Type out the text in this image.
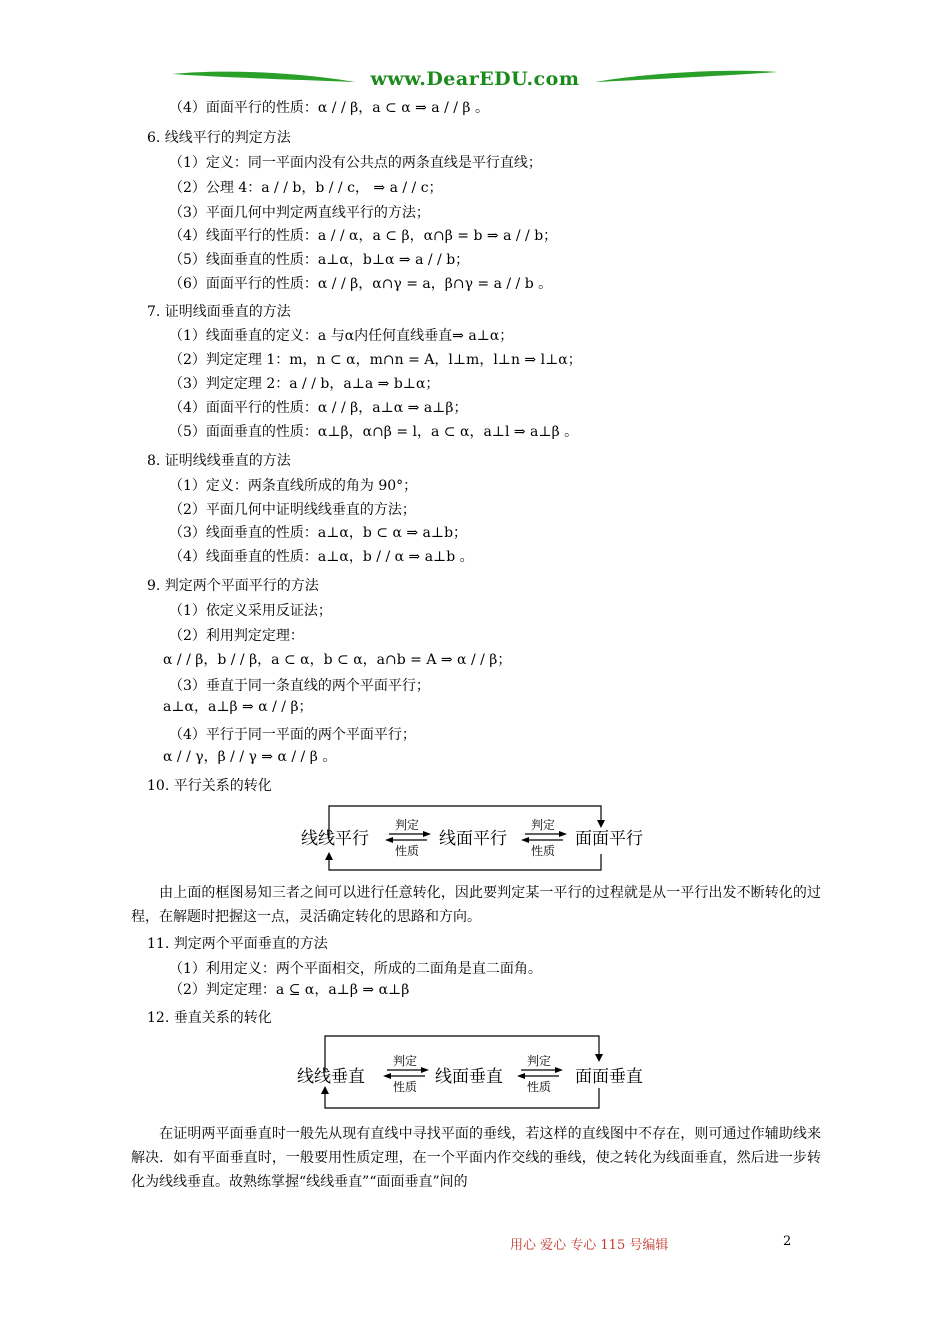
www.DearEDU.com
线线平行	线面平行	面面平行
判定
性质
判定
性质
　　由上面的框图易知三者之间可以进行任意转化，因此要判定某一平行的过程就是从一平行出发不断转化的过程，在解题时把握这一点，灵活确定转化的思路和方向。
线线垂直	线面垂直	面面垂直
判定
性质
判定
性质
　　在证明两平面垂直时一般先从现有直线中寻找平面的垂线，若这样的直线图中不存在，则可通过作辅助线来解决．如有平面垂直时，一般要用性质定理，在一个平面内作交线的垂线，使之转化为线面垂直，然后进一步转化为线线垂直。故熟练掌握“线线垂直”“面面垂直”间的
（4）面面平行的性质：α / / β，a ⊂ α ⇒ a / / β 。
6. 线线平行的判定方法
（1）定义：同一平面内没有公共点的两条直线是平行直线；
（2）公理 4：a / / b，b / / c， ⇒ a / / c；
（3）平面几何中判定两直线平行的方法；
（4）线面平行的性质：a / / α，a ⊂ β，α∩β = b ⇒ a / / b；
（5）线面垂直的性质：a⊥α，b⊥α ⇒ a / / b；
（6）面面平行的性质：α / / β，α∩γ = a，β∩γ = a / / b 。
7. 证明线面垂直的方法
（1）线面垂直的定义：a 与α内任何直线垂直⇒ a⊥α；
（2）判定定理 1：m，n ⊂ α，m∩n = A，l⊥m，l⊥n ⇒ l⊥α；
（3）判定定理 2：a / / b，a⊥a ⇒ b⊥α；
（4）面面平行的性质：α / / β，a⊥α ⇒ a⊥β；
（5）面面垂直的性质：α⊥β，α∩β = l，a ⊂ α，a⊥l ⇒ a⊥β 。
8. 证明线线垂直的方法
（1）定义：两条直线所成的角为 90°；
（2）平面几何中证明线线垂直的方法；
（3）线面垂直的性质：a⊥α，b ⊂ α ⇒ a⊥b；
（4）线面垂直的性质：a⊥α，b / / α ⇒ a⊥b 。
9. 判定两个平面平行的方法
（1）依定义采用反证法；
（2）利用判定定理：
α / / β，b / / β，a ⊂ α，b ⊂ α，a∩b = A ⇒ α / / β；
（3）垂直于同一条直线的两个平面平行；
a⊥α，a⊥β ⇒ α / / β；
（4）平行于同一平面的两个平面平行；
α / / γ，β / / γ ⇒ α / / β 。
10. 平行关系的转化
11. 判定两个平面垂直的方法
（1）利用定义：两个平面相交，所成的二面角是直二面角。
（2）判定定理：a ⊆ α，a⊥β ⇒ α⊥β
12. 垂直关系的转化
用心 爱心 专心 115 号编辑	2
